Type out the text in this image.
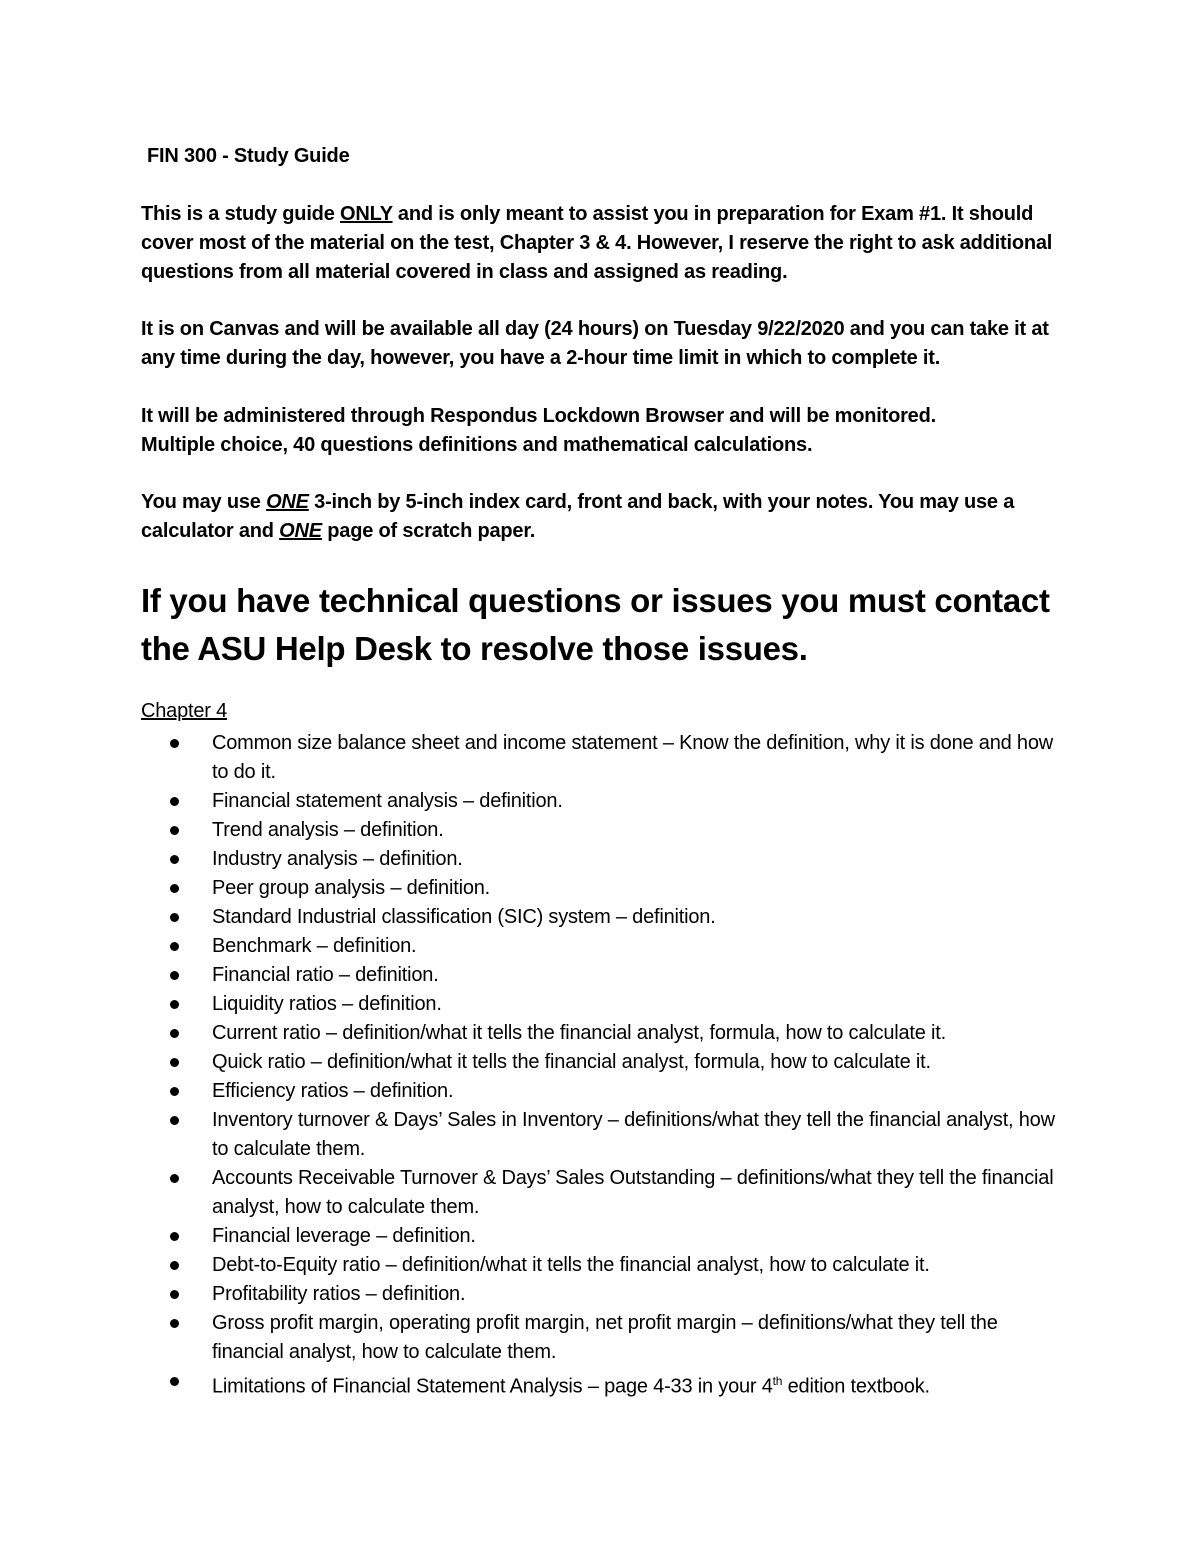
FIN 300 - Study Guide

This is a study guide ONLY and is only meant to assist you in preparation for Exam #1. It should cover most of the material on the test, Chapter 3 & 4. However, I reserve the right to ask additional questions from all material covered in class and assigned as reading.

It is on Canvas and will be available all day (24 hours) on Tuesday 9/22/2020 and you can take it at any time during the day, however, you have a 2-hour time limit in which to complete it.

It will be administered through Respondus Lockdown Browser and will be monitored.
Multiple choice, 40 questions definitions and mathematical calculations.

You may use ONE 3-inch by 5-inch index card, front and back, with your notes. You may use a calculator and ONE page of scratch paper.

If you have technical questions or issues you must contact the ASU Help Desk to resolve those issues.

Chapter 4
Common size balance sheet and income statement – Know the definition, why it is done and how to do it.
Financial statement analysis – definition.
Trend analysis – definition.
Industry analysis – definition.
Peer group analysis – definition.
Standard Industrial classification (SIC) system – definition.
Benchmark – definition.
Financial ratio – definition.
Liquidity ratios – definition.
Current ratio – definition/what it tells the financial analyst, formula, how to calculate it.
Quick ratio – definition/what it tells the financial analyst, formula, how to calculate it.
Efficiency ratios – definition.
Inventory turnover & Days’ Sales in Inventory – definitions/what they tell the financial analyst, how to calculate them.
Accounts Receivable Turnover & Days’ Sales Outstanding – definitions/what they tell the financial analyst, how to calculate them.
Financial leverage – definition.
Debt-to-Equity ratio – definition/what it tells the financial analyst, how to calculate it.
Profitability ratios – definition.
Gross profit margin, operating profit margin, net profit margin – definitions/what they tell the financial analyst, how to calculate them.
Limitations of Financial Statement Analysis – page 4-33 in your 4th edition textbook.
